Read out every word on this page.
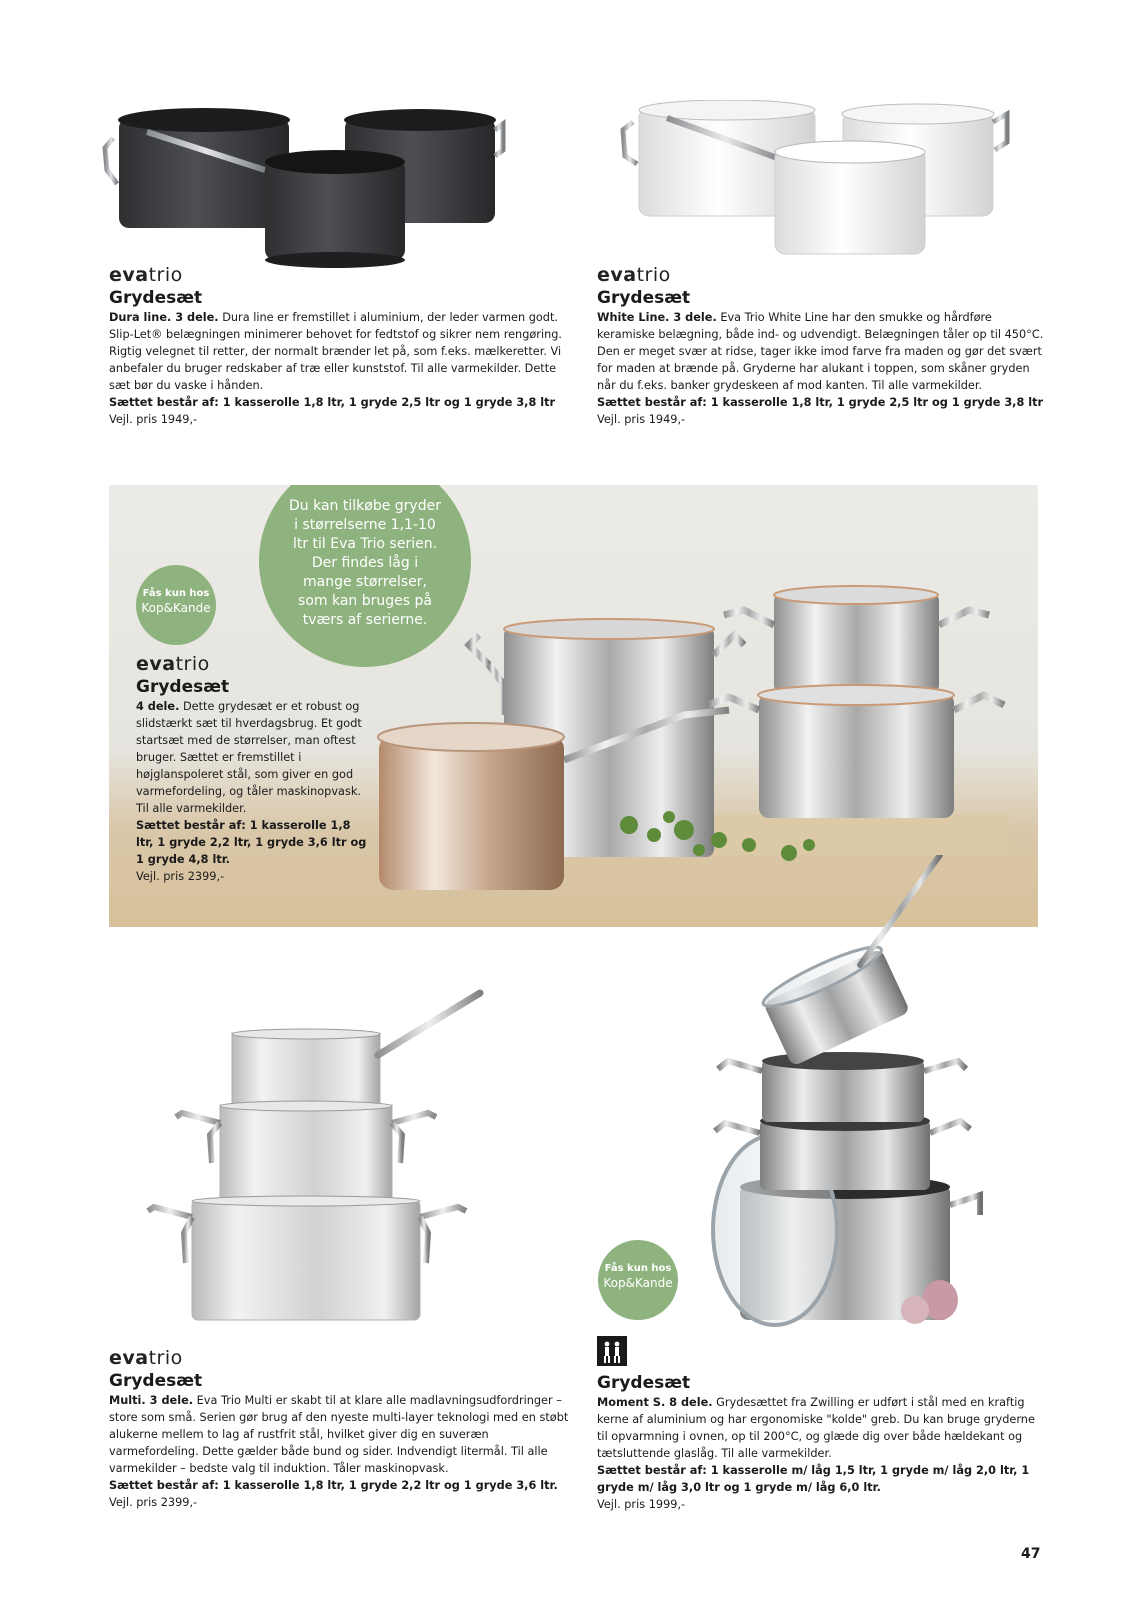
evatrio
Grydesæt
Dura line. 3 dele. Dura line er fremstillet i aluminium, der leder varmen godt. Slip-Let® belægningen minimerer behovet for fedtstof og sikrer nem rengøring. Rigtig velegnet til retter, der normalt brænder let på, som f.eks. mælkeretter. Vi anbefaler du bruger redskaber af træ eller kunststof. Til alle varmekilder. Dette sæt bør du vaske i hånden.

Sættet består af: 1 kasserolle 1,8 ltr, 1 gryde 2,5 ltr og 1 gryde 3,8 ltr

Vejl. pris 1949,-

evatrio
Grydesæt
White Line. 3 dele. Eva Trio White Line har den smukke og hårdføre keramiske belægning, både ind- og udvendigt. Belægningen tåler op til 450°C. Den er meget svær at ridse, tager ikke imod farve fra maden og gør det svært for maden at brænde på. Gryderne har alukant i toppen, som skåner gryden når du f.eks. banker grydeskeen af mod kanten. Til alle varmekilder.

Sættet består af: 1 kasserolle 1,8 ltr, 1 gryde 2,5 ltr og 1 gryde 3,8 ltr

Vejl. pris 1949,-

Du kan tilkøbe gryder i størrelserne 1,1-10 ltr til Eva Trio serien. Der findes låg i mange størrelser, som kan bruges på tværs af serierne.
Fås kun hos
Kop&Kande
evatrio
Grydesæt
4 dele. Dette grydesæt er et robust og slidstærkt sæt til hverdagsbrug. Et godt startsæt med de størrelser, man oftest bruger. Sættet er fremstillet i højglanspoleret stål, som giver en god varmefordeling, og tåler maskinopvask. Til alle varmekilder.

Sættet består af: 1 kasserolle 1,8 ltr, 1 gryde 2,2 ltr, 1 gryde 3,6 ltr og 1 gryde 4,8 ltr.

Vejl. pris 2399,-

Fås kun hos
Kop&Kande
evatrio
Grydesæt
Multi. 3 dele. Eva Trio Multi er skabt til at klare alle madlavningsudfordringer – store som små. Serien gør brug af den nyeste multi-layer teknologi med en støbt alukerne mellem to lag af rustfrit stål, hvilket giver dig en suveræn varmefordeling. Dette gælder både bund og sider. Indvendigt litermål. Til alle varmekilder – bedste valg til induktion. Tåler maskinopvask.

Sættet består af: 1 kasserolle 1,8 ltr, 1 gryde 2,2 ltr og 1 gryde 3,6 ltr.

Vejl. pris 2399,-

Grydesæt
Moment S. 8 dele. Grydesættet fra Zwilling er udført i stål med en kraftig kerne af aluminium og har ergonomiske "kolde" greb. Du kan bruge gryderne til opvarmning i ovnen, op til 200°C, og glæde dig over både hældekant og tætsluttende glaslåg. Til alle varmekilder.

Sættet består af: 1 kasserolle m/ låg 1,5 ltr, 1 gryde m/ låg 2,0 ltr, 1 gryde m/ låg 3,0 ltr og 1 gryde m/ låg 6,0 ltr.

Vejl. pris 1999,-

47
